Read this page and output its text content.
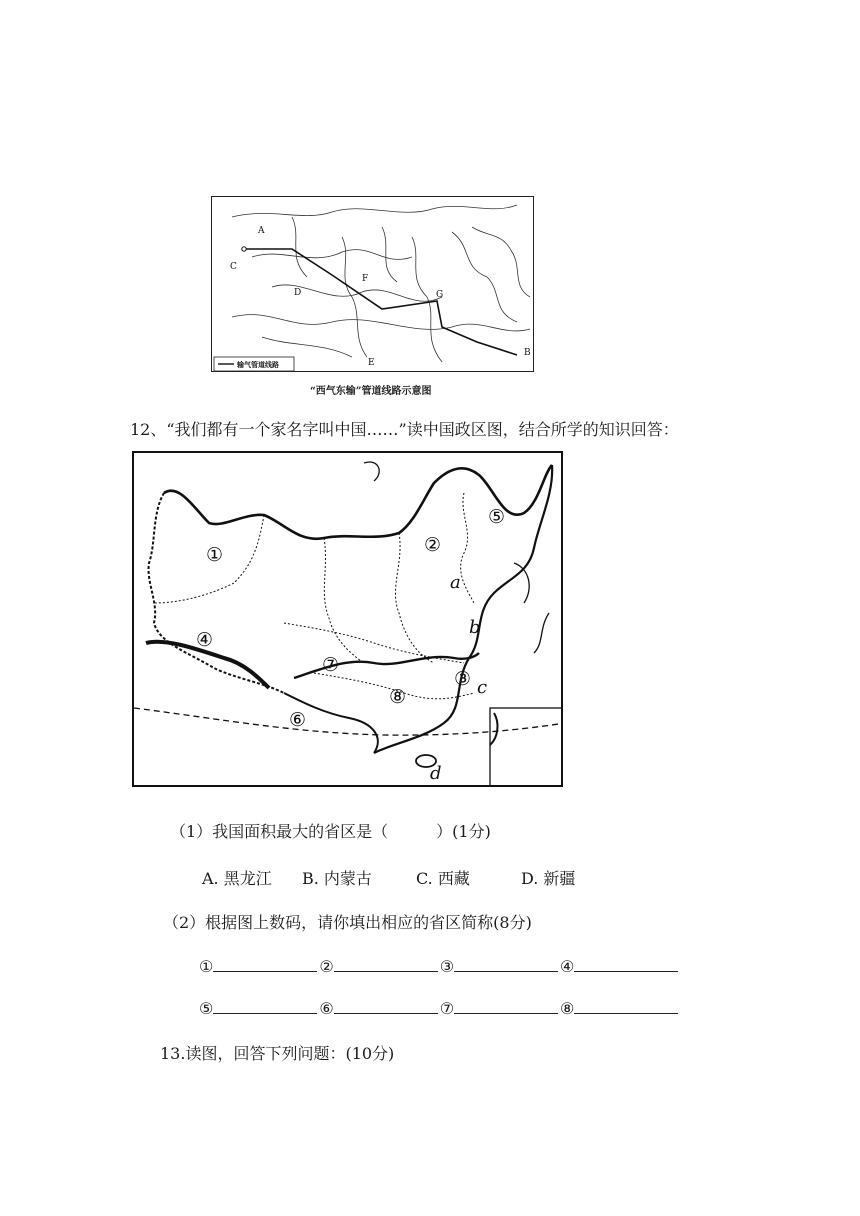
A
B
C
D
E
F
G
输气管道线路
“西气东输”管道线路示意图
12、“我们都有一个家名字叫中国……”读中国政区图，结合所学的知识回答：
①	②
③
④
⑤
⑥
⑦
⑧
a
b
c
d
（1）我国面积最大的省区是（　　　）(1分)
A. 黑龙江 B. 内蒙古	C. 西藏	D. 新疆
（2）根据图上数码，请你填出相应的省区简称(8分)
①	②	③	④
⑤	⑥	⑦	⑧
13.读图，回答下列问题：(10分)
